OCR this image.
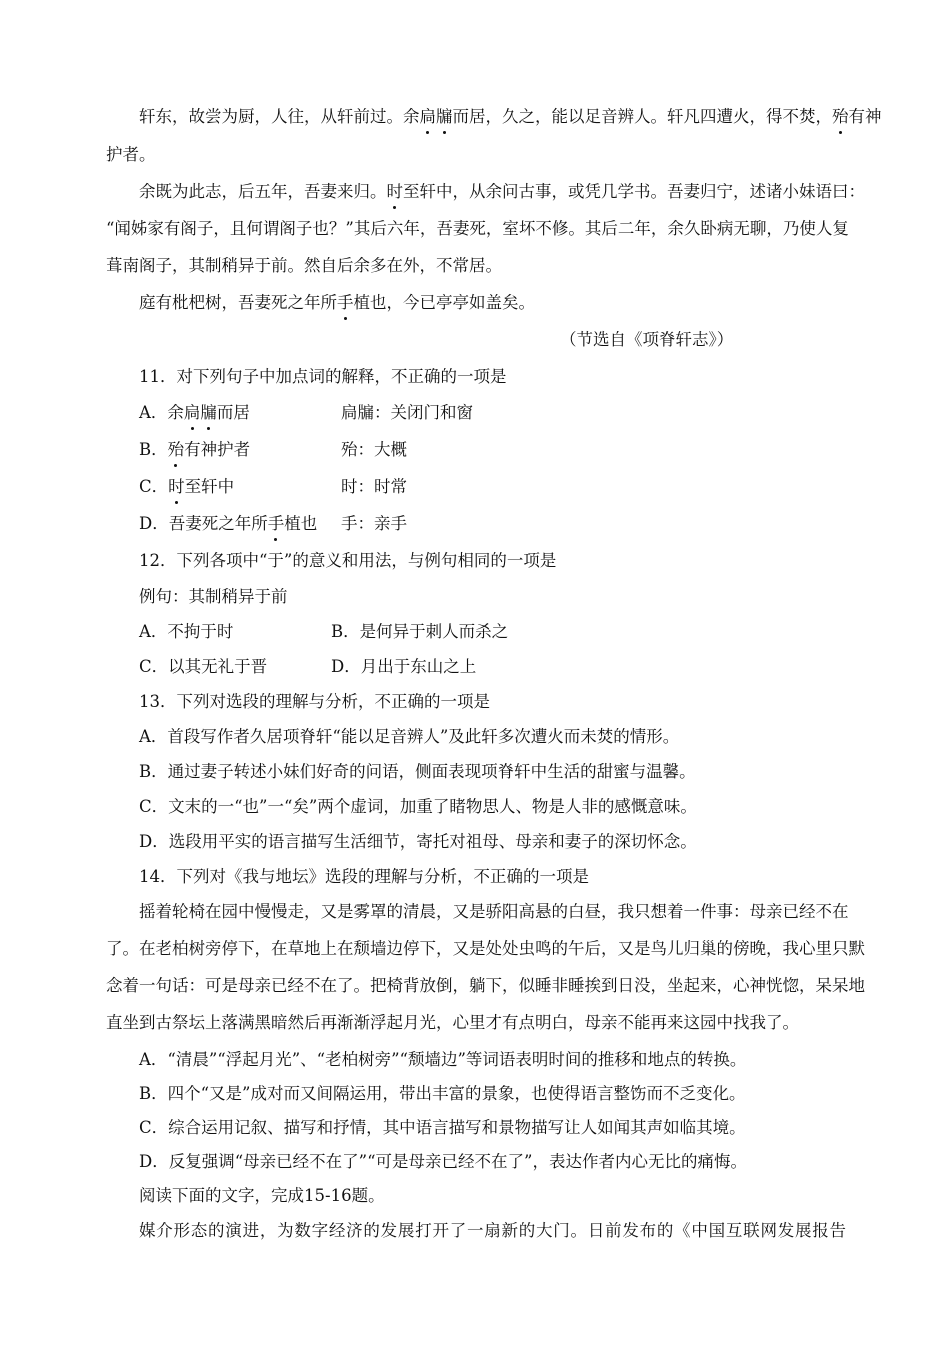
轩东，故尝为厨，人往，从轩前过。余扃牖而居，久之，能以足音辨人。轩凡四遭火，得不焚，殆有神
护者。
余既为此志，后五年，吾妻来归。时至轩中，从余问古事，或凭几学书。吾妻归宁，述诸小妹语曰：
“闻姊家有阁子，且何谓阁子也？”其后六年，吾妻死，室坏不修。其后二年，余久卧病无聊，乃使人复
葺南阁子，其制稍异于前。然自后余多在外，不常居。
庭有枇杷树，吾妻死之年所手植也，今已亭亭如盖矣。
（节选自《项脊轩志》）
11．对下列句子中加点词的解释，不正确的一项是
A．余扃牖而居	扃牖：关闭门和窗
B．殆有神护者	殆：大概
C．时至轩中	时：时常
D．吾妻死之年所手植也 手：亲手
12．下列各项中“于”的意义和用法，与例句相同的一项是
例句：其制稍异于前
A．不拘于时	B．是何异于刺人而杀之
C．以其无礼于晋	D．月出于东山之上
13．下列对选段的理解与分析，不正确的一项是
A．首段写作者久居项脊轩“能以足音辨人”及此轩多次遭火而未焚的情形。
B．通过妻子转述小妹们好奇的问语，侧面表现项脊轩中生活的甜蜜与温馨。
C．文末的一“也”一“矣”两个虚词，加重了睹物思人、物是人非的感慨意味。
D．选段用平实的语言描写生活细节，寄托对祖母、母亲和妻子的深切怀念。
14．下列对《我与地坛》选段的理解与分析，不正确的一项是
摇着轮椅在园中慢慢走，又是雾罩的清晨，又是骄阳高悬的白昼，我只想着一件事：母亲已经不在
了。在老柏树旁停下，在草地上在颓墙边停下，又是处处虫鸣的午后，又是鸟儿归巢的傍晚，我心里只默
念着一句话：可是母亲已经不在了。把椅背放倒，躺下，似睡非睡挨到日没，坐起来，心神恍惚，呆呆地
直坐到古祭坛上落满黑暗然后再渐渐浮起月光，心里才有点明白，母亲不能再来这园中找我了。
A．“清晨”“浮起月光”、“老柏树旁”“颓墙边”等词语表明时间的推移和地点的转换。
B．四个“又是”成对而又间隔运用，带出丰富的景象，也使得语言整饬而不乏变化。
C．综合运用记叙、描写和抒情，其中语言描写和景物描写让人如闻其声如临其境。
D．反复强调“母亲已经不在了”“可是母亲已经不在了”，表达作者内心无比的痛悔。
阅读下面的文字，完成15-16题。
媒介形态的演进，为数字经济的发展打开了一扇新的大门。日前发布的《中国互联网发展报告
